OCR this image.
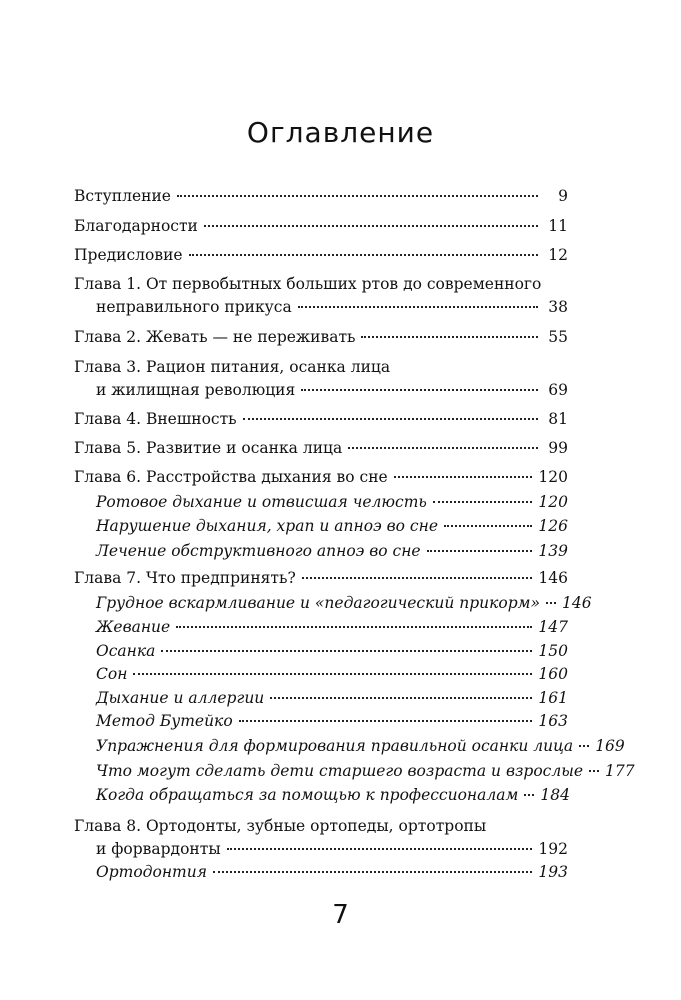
Оглавление
Вступление	9
Благодарности	11
Предисловие	12
Глава 1. От первобытных больших ртов до современного
неправильного прикуса	38
Глава 2. Жевать — не переживать	55
Глава 3. Рацион питания, осанка лица
и жилищная революция	69
Глава 4. Внешность	81
Глава 5. Развитие и осанка лица	99
Глава 6. Расстройства дыхания во сне	120
Ротовое дыхание и отвисшая челюсть	120
Нарушение дыхания, храп и апноэ во сне	126
Лечение обструктивного апноэ во сне	139
Глава 7. Что предпринять?	146
Грудное вскармливание и «педагогический прикорм» 146
Жевание	147
Осанка	150
Сон	160
Дыхание и аллергии	161
Метод Бутейко	163
Упражнения для формирования правильной осанки лица 169
Что могут сделать дети старшего возраста и взрослые 177
Когда обращаться за помощью к профессионалам 184
Глава 8. Ортодонты, зубные ортопеды, ортотропы
и форвардонты	192
Ортодонтия	193
7
